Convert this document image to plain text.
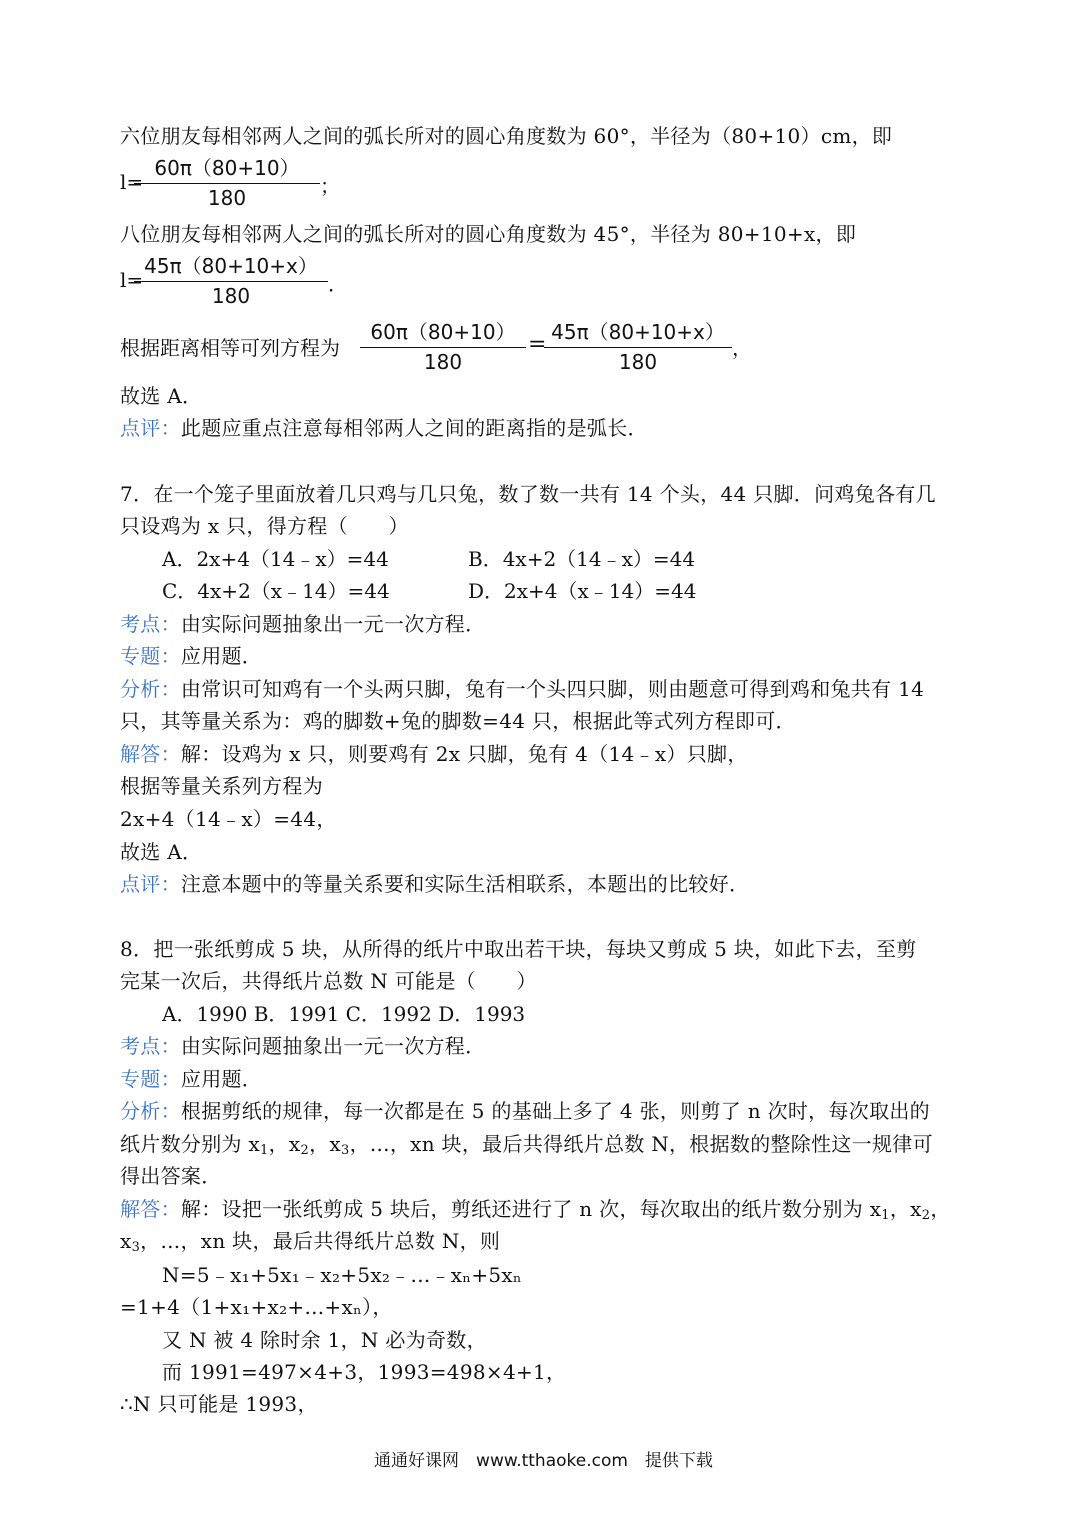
六位朋友每相邻两人之间的弧长所对的圆心角度数为 60°，半径为（80+10）cm，即
l=
60π（80+10）
180	；
八位朋友每相邻两人之间的弧长所对的圆心角度数为 45°，半径为 80+10+x，即
l=
45π（80+10+x）
180	．
根据距离相等可列方程为
60π（80+10）
180
= 45π（80+10+x）
180
，
故选 A．
点评：此题应重点注意每相邻两人之间的距离指的是弧长．
7．在一个笼子里面放着几只鸡与几只兔，数了数一共有 14 个头，44 只脚．问鸡兔各有几
只设鸡为 x 只，得方程（　　）
A．2x+4（14﹣x）=44	B．4x+2（14﹣x）=44
C．4x+2（x﹣14）=44	D．2x+4（x﹣14）=44
考点：由实际问题抽象出一元一次方程．
专题：应用题．
分析：由常识可知鸡有一个头两只脚，兔有一个头四只脚，则由题意可得到鸡和兔共有 14
只，其等量关系为：鸡的脚数+兔的脚数=44 只，根据此等式列方程即可．
解答：解：设鸡为 x 只，则要鸡有 2x 只脚，兔有 4（14﹣x）只脚，
根据等量关系列方程为
2x+4（14﹣x）=44，
故选 A．
点评：注意本题中的等量关系要和实际生活相联系，本题出的比较好．
8．把一张纸剪成 5 块，从所得的纸片中取出若干块，每块又剪成 5 块，如此下去，至剪
完某一次后，共得纸片总数 N 可能是（　　）
A．1990 B．1991 C．1992 D．1993
考点：由实际问题抽象出一元一次方程．
专题：应用题．
分析：根据剪纸的规律，每一次都是在 5 的基础上多了 4 张，则剪了 n 次时，每次取出的
纸片数分别为 $x_1$，$x_2$，$x_3$，...，xn 块，最后共得纸片总数 N，根据数的整除性这一规律可
得出答案．
解答：解：设把一张纸剪成 5 块后，剪纸还进行了 n 次，每次取出的纸片数分别为 $x_1$，$x_2$，
$x_3$，...，xn 块，最后共得纸片总数 N，则
N=5﹣x₁+5x₁﹣x₂+5x₂﹣...﹣xₙ+5xₙ
=1+4（1+x₁+x₂+...+xₙ），
又 N 被 4 除时余 1，N 必为奇数，
而 1991=497×4+3，1993=498×4+1，
∴N 只可能是 1993，
通通好课网　www.tthaoke.com　提供下载
